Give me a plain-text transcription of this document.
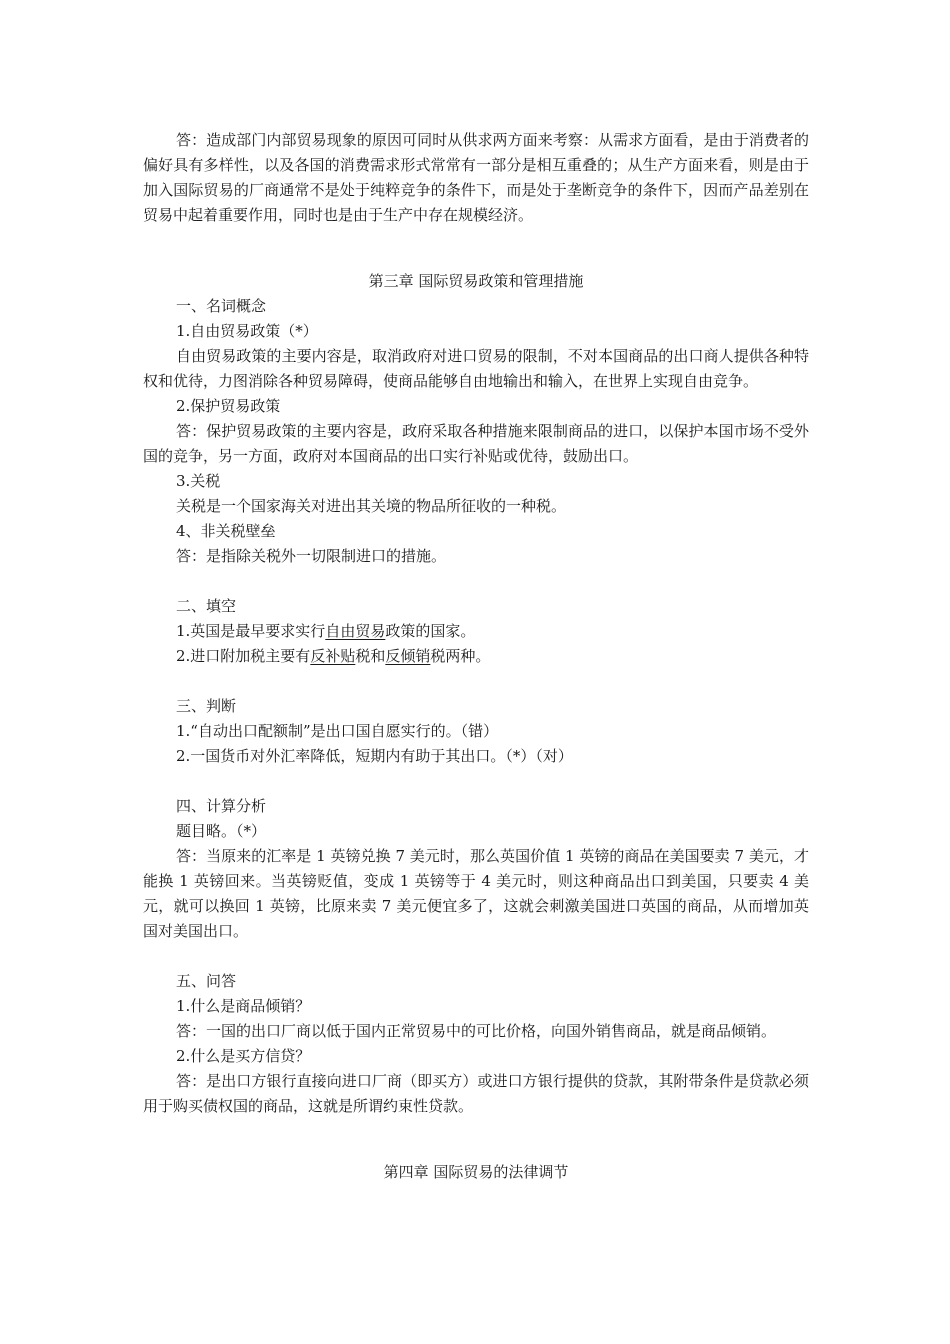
答：造成部门内部贸易现象的原因可同时从供求两方面来考察：从需求方面看，是由于消费者的偏好具有多样性，以及各国的消费需求形式常常有一部分是相互重叠的；从生产方面来看，则是由于加入国际贸易的厂商通常不是处于纯粹竞争的条件下，而是处于垄断竞争的条件下，因而产品差别在贸易中起着重要作用，同时也是由于生产中存在规模经济。

第三章 国际贸易政策和管理措施

一、名词概念

1.自由贸易政策（*）

自由贸易政策的主要内容是，取消政府对进口贸易的限制，不对本国商品的出口商人提供各种特权和优待，力图消除各种贸易障碍，使商品能够自由地输出和输入，在世界上实现自由竞争。

2.保护贸易政策

答：保护贸易政策的主要内容是，政府采取各种措施来限制商品的进口，以保护本国市场不受外国的竞争，另一方面，政府对本国商品的出口实行补贴或优待，鼓励出口。

3.关税

关税是一个国家海关对进出其关境的物品所征收的一种税。

4、非关税壁垒

答：是指除关税外一切限制进口的措施。

二、填空

1.英国是最早要求实行自由贸易政策的国家。

2.进口附加税主要有反补贴税和反倾销税两种。

三、判断

1.“自动出口配额制”是出口国自愿实行的。（错）

2.一国货币对外汇率降低，短期内有助于其出口。（*）（对）

四、计算分析

题目略。（*）

答：当原来的汇率是 1 英镑兑换 7 美元时，那么英国价值 1 英镑的商品在美国要卖 7 美元，才能换 1 英镑回来。当英镑贬值，变成 1 英镑等于 4 美元时，则这种商品出口到美国，只要卖 4 美元，就可以换回 1 英镑，比原来卖 7 美元便宜多了，这就会刺激美国进口英国的商品，从而增加英国对美国出口。

五、问答

1.什么是商品倾销？

答：一国的出口厂商以低于国内正常贸易中的可比价格，向国外销售商品，就是商品倾销。

2.什么是买方信贷？

答：是出口方银行直接向进口厂商（即买方）或进口方银行提供的贷款，其附带条件是贷款必须用于购买债权国的商品，这就是所谓约束性贷款。

第四章 国际贸易的法律调节
